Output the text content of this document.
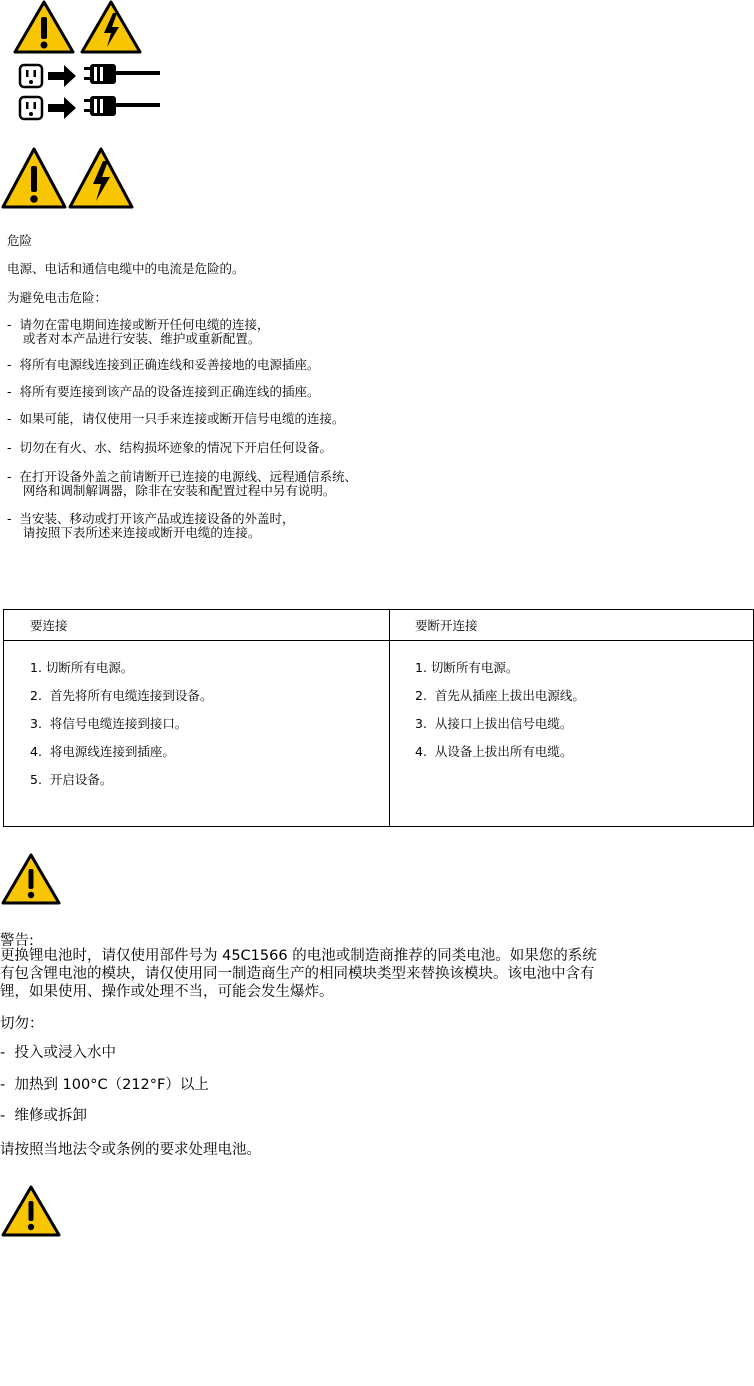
危险
电源、电话和通信电缆中的电流是危险的。
为避免电击危险：
-  请勿在雷电期间连接或断开任何电缆的连接，
或者对本产品进行安装、维护或重新配置。
-  将所有电源线连接到正确连线和妥善接地的电源插座。
-  将所有要连接到该产品的设备连接到正确连线的插座。
-  如果可能，请仅使用一只手来连接或断开信号电缆的连接。
-  切勿在有火、水、结构损坏迹象的情况下开启任何设备。
-  在打开设备外盖之前请断开已连接的电源线、远程通信系统、
网络和调制解调器，除非在安装和配置过程中另有说明。
-  当安装、移动或打开该产品或连接设备的外盖时，
请按照下表所述来连接或断开电缆的连接。
要连接	要断开连接
1. 切断所有电源。
2.  首先将所有电缆连接到设备。
3.  将信号电缆连接到接口。
4.  将电源线连接到插座。
5.  开启设备。
1. 切断所有电源。
2.  首先从插座上拔出电源线。
3.  从接口上拔出信号电缆。
4.  从设备上拔出所有电缆。
警告:
更换锂电池时，请仅使用部件号为 45C1566 的电池或制造商推荐的同类电池。如果您的系统
有包含锂电池的模块，请仅使用同一制造商生产的相同模块类型来替换该模块。该电池中含有
锂，如果使用、操作或处理不当，可能会发生爆炸。
切勿：
-  投入或浸入水中
-  加热到 100°C（212°F）以上
-  维修或拆卸
请按照当地法令或条例的要求处理电池。
